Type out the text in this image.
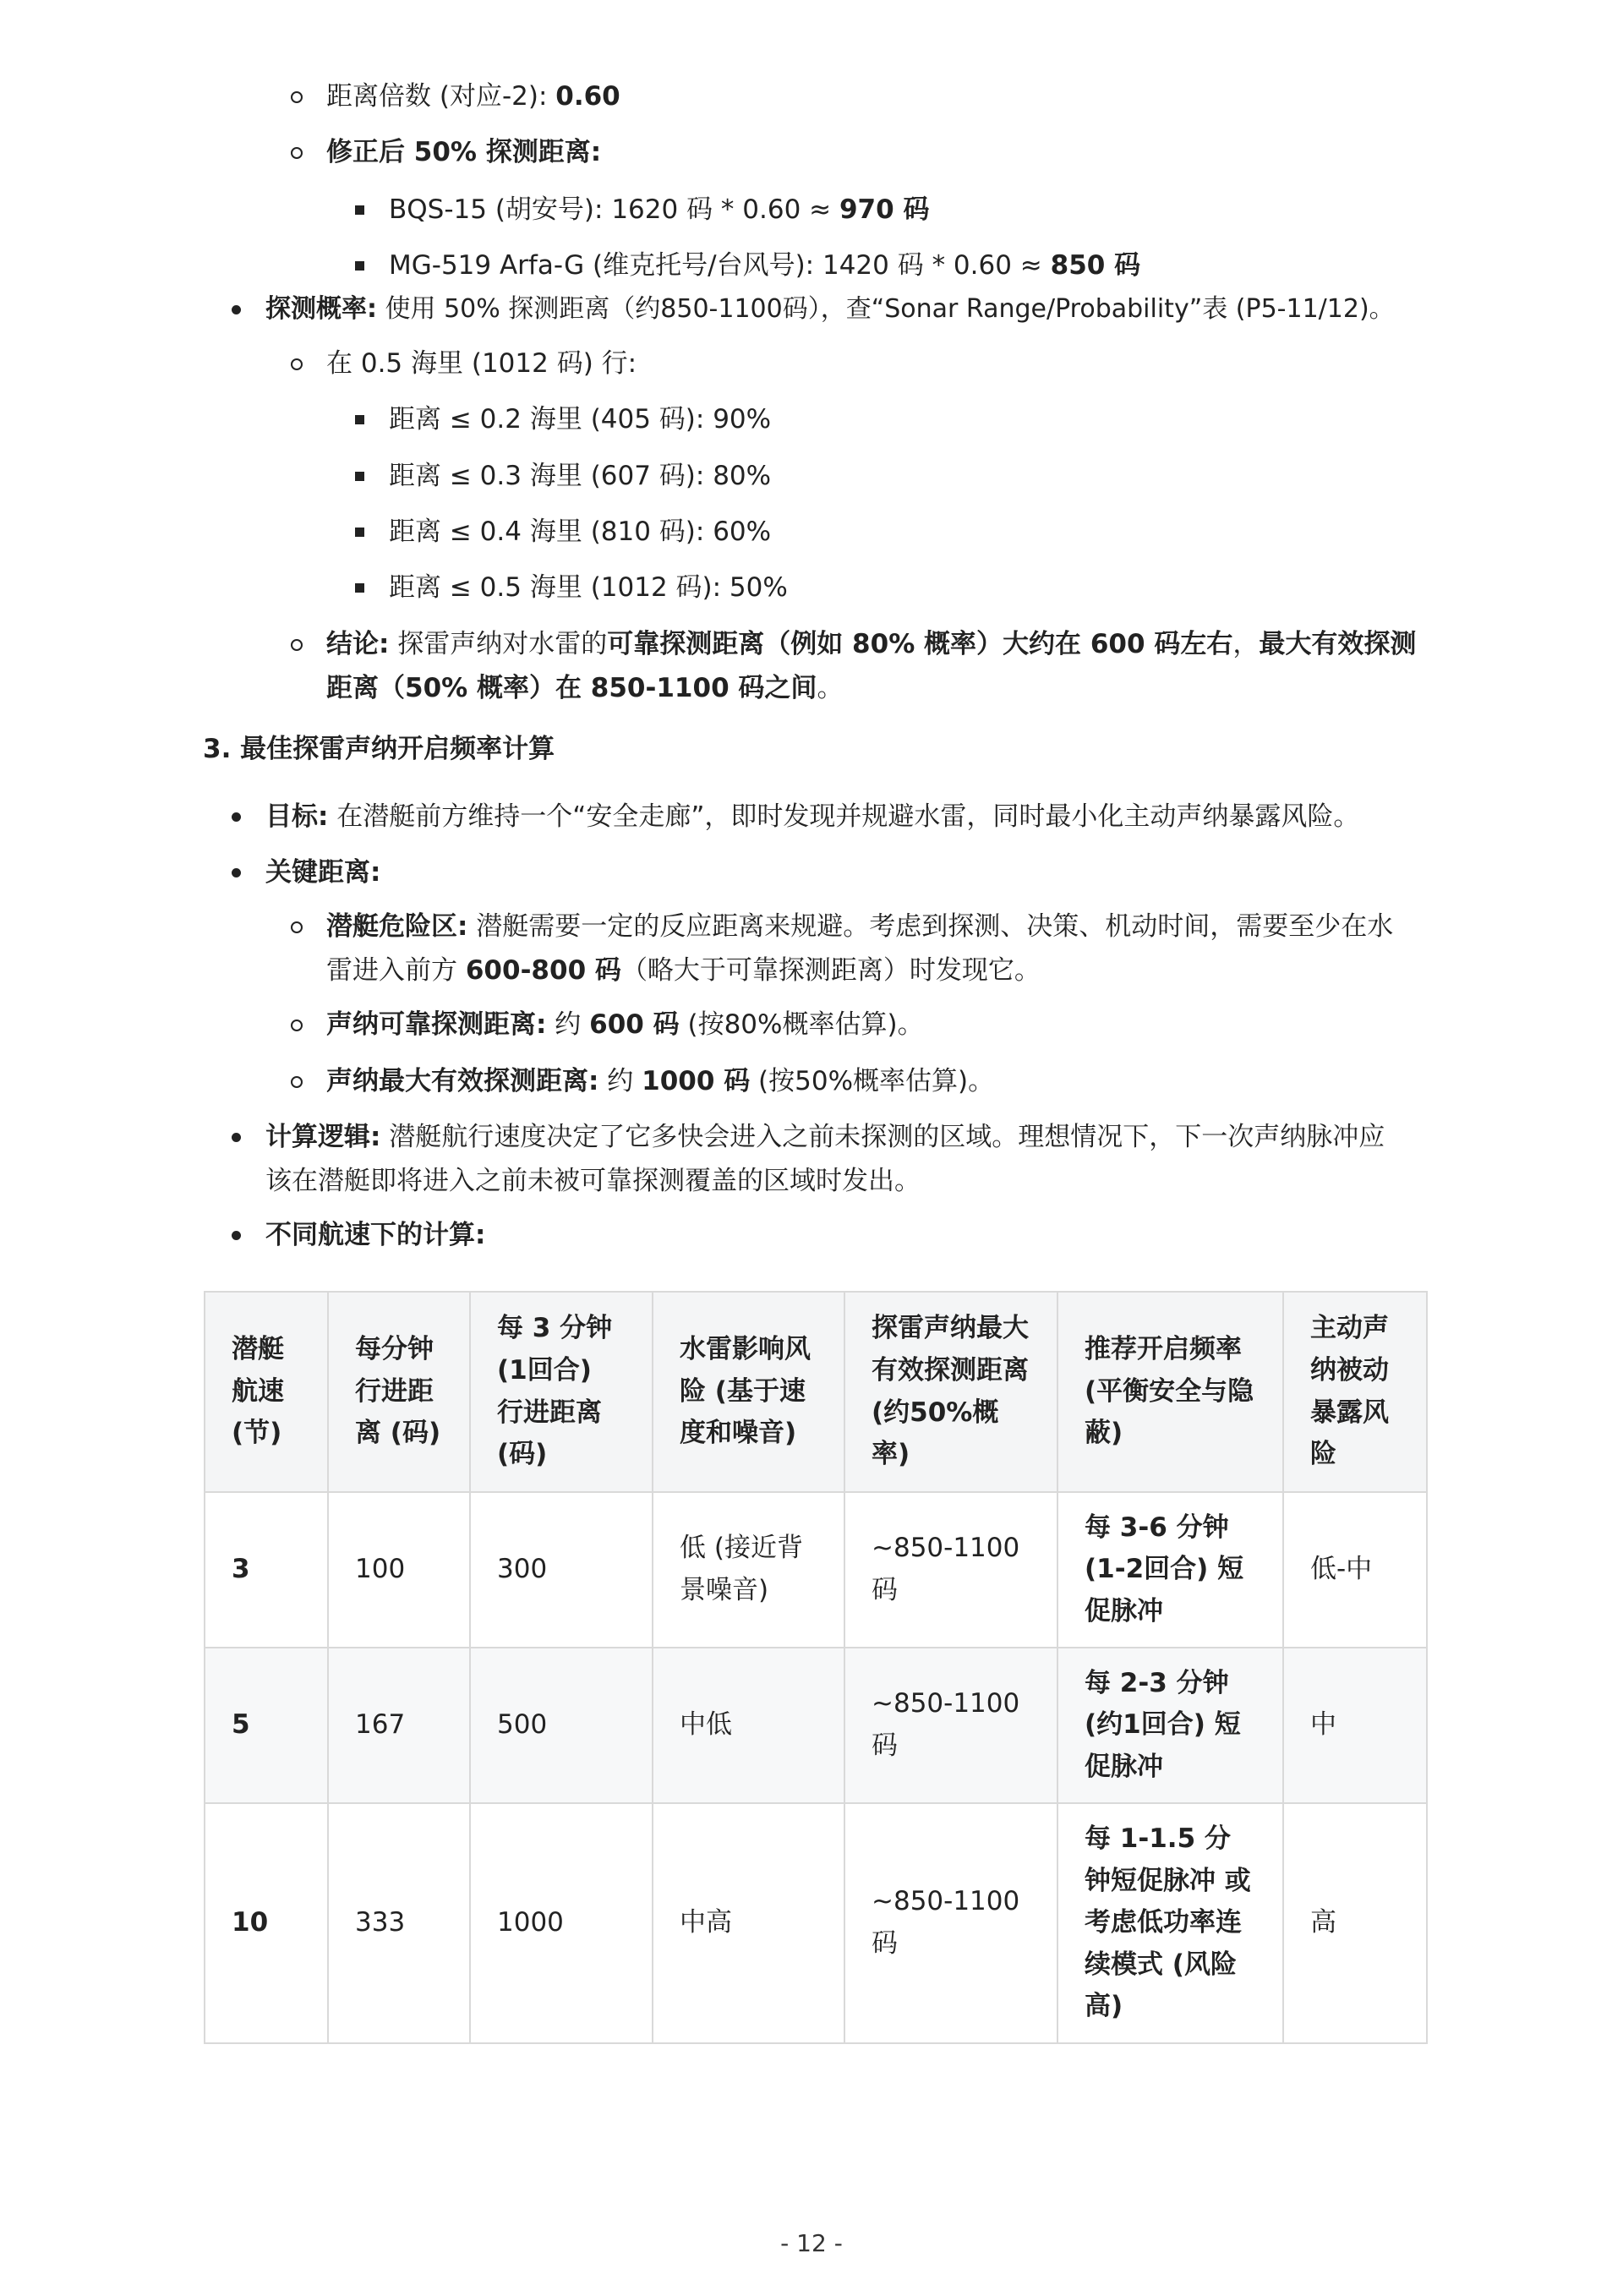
距离倍数 (对应-2): 0.60
修正后 50% 探测距离:
BQS-15 (胡安号): 1620 码 * 0.60 ≈ 970 码
MG-519 Arfa-G (维克托号/台风号): 1420 码 * 0.60 ≈ 850 码
探测概率: 使用 50% 探测距离（约850-1100码），查“Sonar Range/Probability”表 (P5-11/12)。
在 0.5 海里 (1012 码) 行:
距离 ≤ 0.2 海里 (405 码): 90%
距离 ≤ 0.3 海里 (607 码): 80%
距离 ≤ 0.4 海里 (810 码): 60%
距离 ≤ 0.5 海里 (1012 码): 50%
结论: 探雷声纳对水雷的可靠探测距离（例如 80% 概率）大约在 600 码左右，最大有效探测
距离（50% 概率）在 850-1100 码之间。
3. 最佳探雷声纳开启频率计算
目标: 在潜艇前方维持一个“安全走廊”，即时发现并规避水雷，同时最小化主动声纳暴露风险。
关键距离:
潜艇危险区: 潜艇需要一定的反应距离来规避。考虑到探测、决策、机动时间，需要至少在水
雷进入前方 600-800 码（略大于可靠探测距离）时发现它。
声纳可靠探测距离: 约 600 码 (按80%概率估算)。
声纳最大有效探测距离: 约 1000 码 (按50%概率估算)。
计算逻辑: 潜艇航行速度决定了它多快会进入之前未探测的区域。理想情况下，下一次声纳脉冲应
该在潜艇即将进入之前未被可靠探测覆盖的区域时发出。
不同航速下的计算:
潜艇航速 (节)	每分钟行进距离 (码)	每 3 分钟 (1回合) 行进距离 (码)	水雷影响风险 (基于速度和噪音)	探雷声纳最大有效探测距离 (约50%概率)	推荐开启频率 (平衡安全与隐蔽)	主动声纳被动暴露风险
3	100	300	低 (接近背景噪音)	~850-1100 码	每 3-6 分钟 (1-2回合) 短促脉冲	低-中
5	167	500	中低	~850-1100 码	每 2-3 分钟 (约1回合) 短促脉冲	中
10	333	1000	中高	~850-1100 码	每 1-1.5 分钟短促脉冲 或考虑低功率连续模式 (风险高)	高
- 12 -
